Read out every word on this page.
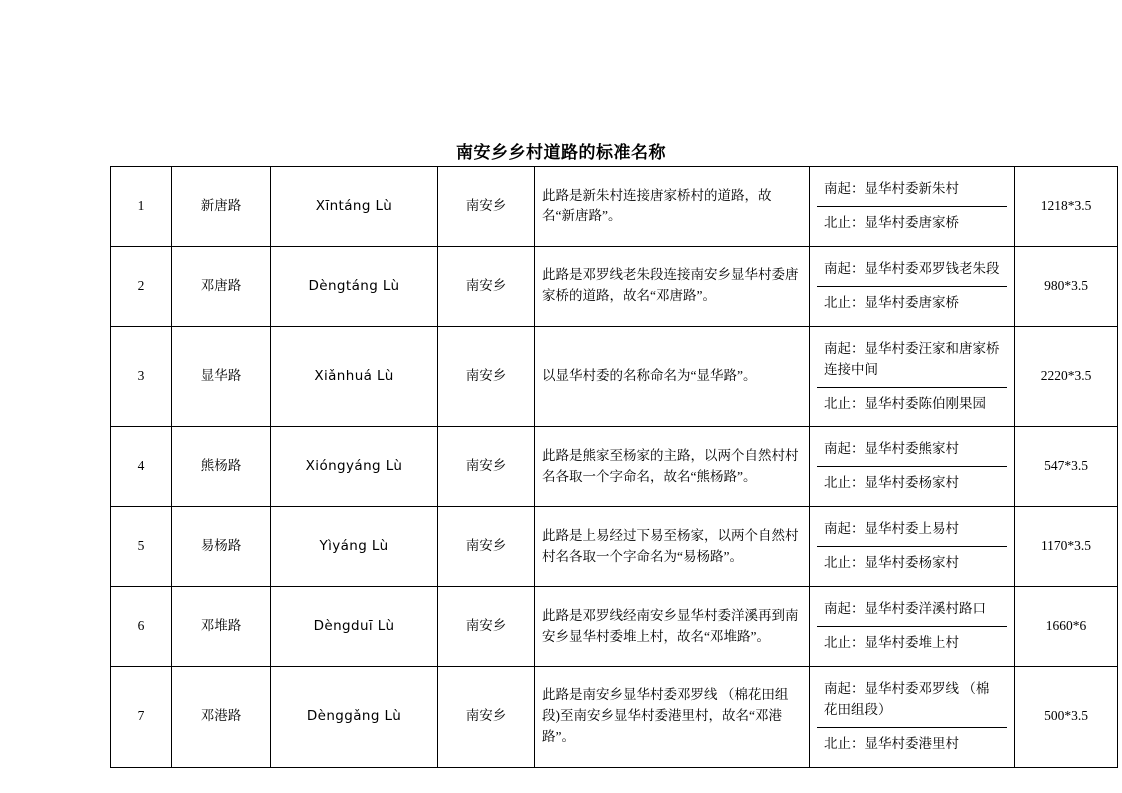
南安乡乡村道路的标准名称
1	新唐路	Xīntáng Lù	南安乡	此路是新朱村连接唐家桥村的道路，故名“新唐路”。	南起：显华村委新朱村
北止：显华村委唐家桥	1218*3.5
2	邓唐路	Dèngtáng Lù	南安乡	此路是邓罗线老朱段连接南安乡显华村委唐家桥的道路，故名“邓唐路”。	南起：显华村委邓罗钱老朱段
北止：显华村委唐家桥	980*3.5
3	显华路	Xiǎnhuá Lù	南安乡	以显华村委的名称命名为“显华路”。	南起：显华村委汪家和唐家桥连接中间
北止：显华村委陈伯刚果园	2220*3.5
4	熊杨路	Xióngyáng Lù	南安乡	此路是熊家至杨家的主路，以两个自然村村名各取一个字命名，故名“熊杨路”。	南起：显华村委熊家村
北止：显华村委杨家村	547*3.5
5	易杨路	Yìyáng Lù	南安乡	此路是上易经过下易至杨家，以两个自然村村名各取一个字命名为“易杨路”。	南起：显华村委上易村
北止：显华村委杨家村	1170*3.5
6	邓堆路	Dèngduī Lù	南安乡	此路是邓罗线经南安乡显华村委洋溪再到南安乡显华村委堆上村，故名“邓堆路”。	南起：显华村委洋溪村路口
北止：显华村委堆上村	1660*6
7	邓港路	Dènggǎng Lù	南安乡	此路是南安乡显华村委邓罗线 （棉花田组段)至南安乡显华村委港里村，故名“邓港路”。	南起：显华村委邓罗线 （棉花田组段）
北止：显华村委港里村	500*3.5
